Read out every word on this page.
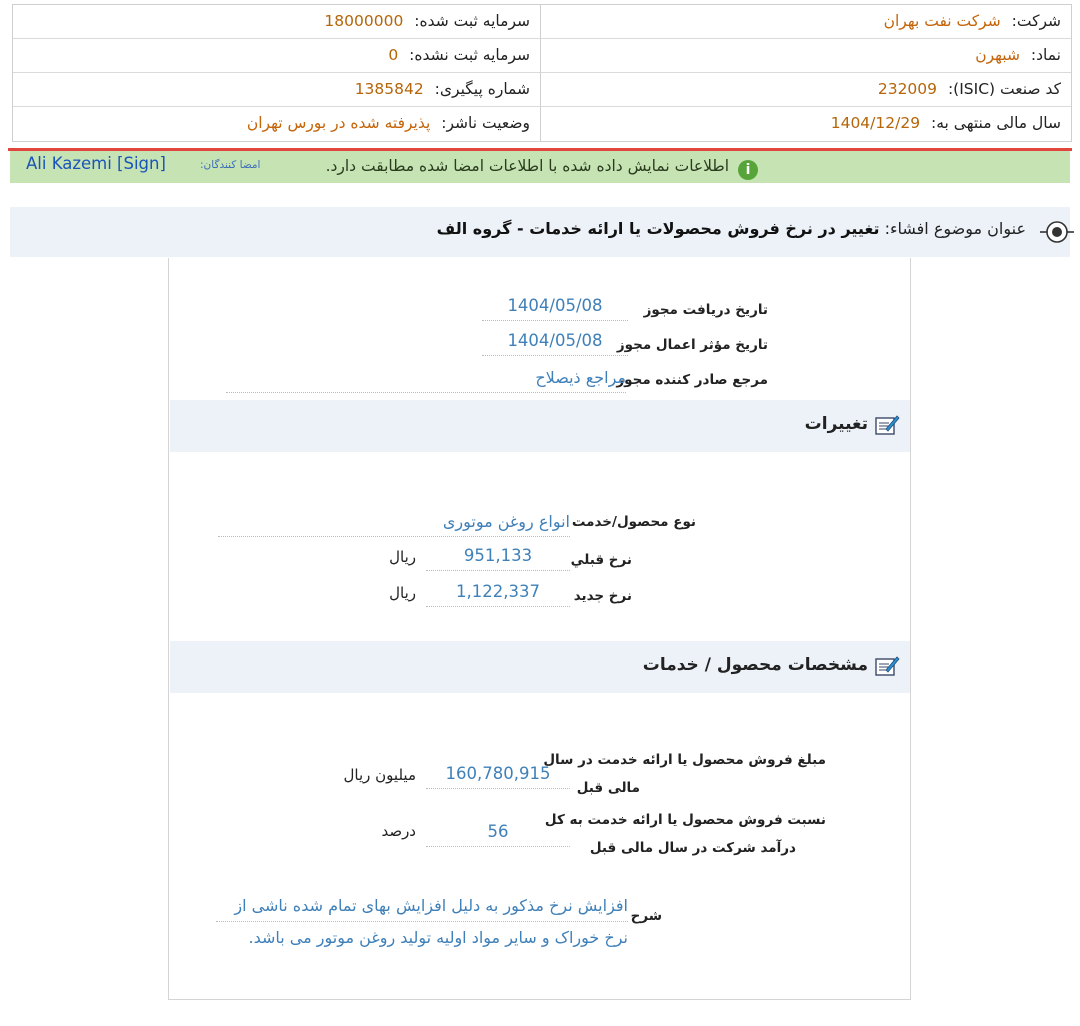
شرکت: شرکت نفت بهران
نماد: شبهرن
کد صنعت (ISIC): 232009
سال مالی منتهی به: 1404/12/29
سرمایه ثبت شده: 18000000
سرمایه ثبت نشده: 0
شماره پیگیری: 1385842
وضعیت ناشر: پذیرفته شده در بورس تهران
i اطلاعات نمایش داده شده با اطلاعات امضا شده مطابقت دارد.
امضا کنندگان:
Ali Kazemi [Sign]
عنوان موضوع افشاء: تغییر در نرخ فروش محصولات یا ارائه خدمات - گروه الف
تاریخ دریافت مجوز
1404/05/08
تاریخ مؤثر اعمال مجوز
1404/05/08
مرجع صادر کننده مجوز
مراجع ذیصلاح
تغییرات
نوع محصول/خدمت
انواع روغن موتوری
نرخ قبلي
951,133
ريال
نرخ جدید
1,122,337
ريال
مشخصات محصول / خدمات
مبلغ فروش محصول یا ارائه خدمت در سال
مالی قبل
160,780,915
میلیون ريال
نسبت فروش محصول یا ارائه خدمت به کل
درآمد شرکت در سال مالی قبل
56
درصد
شرح
افزایش نرخ مذکور به دلیل افزایش بهای تمام شده ناشی از
نرخ خوراک و سایر مواد اولیه تولید روغن موتور می باشد.
